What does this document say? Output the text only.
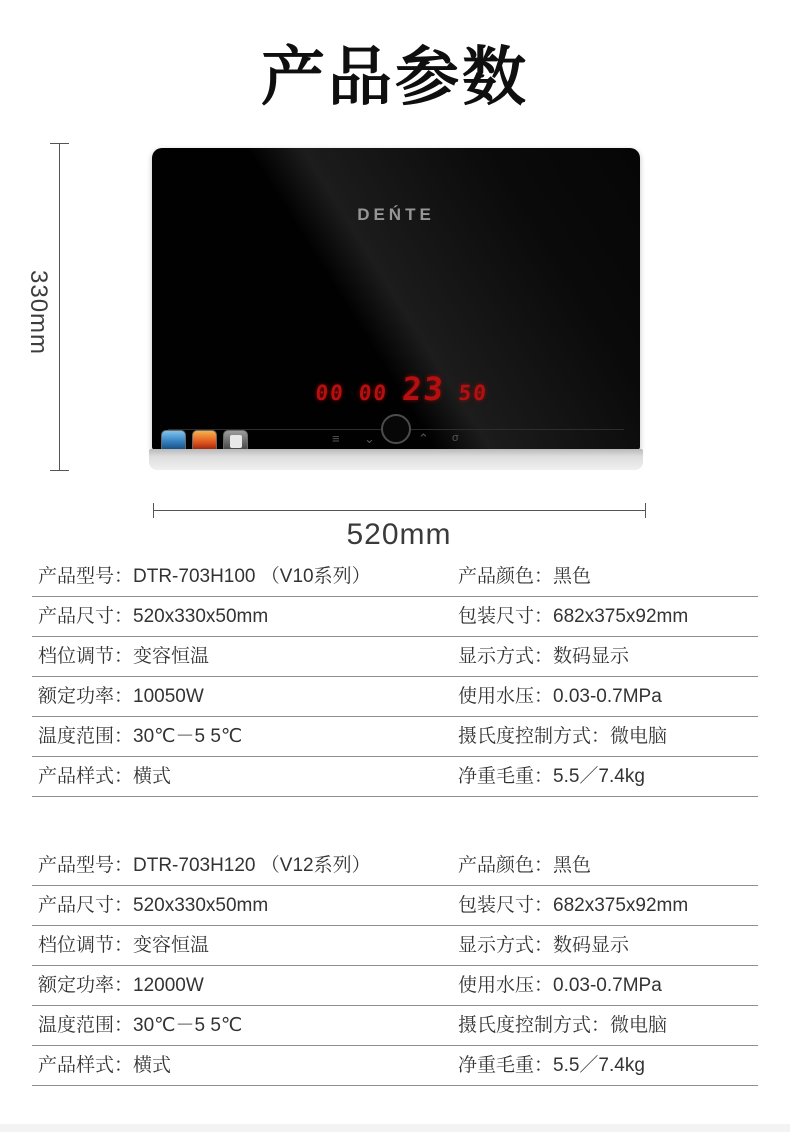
产品参数
330mm
DEŃTE
00 00 23 50
≡ ⌄	⌃ σ
520mm
产品型号：DTR-703H100 （V10系列）	产品颜色：黑色
产品尺寸：520x330x50mm	包装尺寸：682x375x92mm
档位调节：变容恒温	显示方式：数码显示
额定功率：10050W	使用水压：0.03-0.7MPa
温度范围：30℃－5 5℃	摄氏度控制方式：微电脑
产品样式：横式	净重毛重：5.5／7.4kg
产品型号：DTR-703H120 （V12系列）	产品颜色：黑色
产品尺寸：520x330x50mm	包装尺寸：682x375x92mm
档位调节：变容恒温	显示方式：数码显示
额定功率：12000W	使用水压：0.03-0.7MPa
温度范围：30℃－5 5℃	摄氏度控制方式：微电脑
产品样式：横式	净重毛重：5.5／7.4kg
